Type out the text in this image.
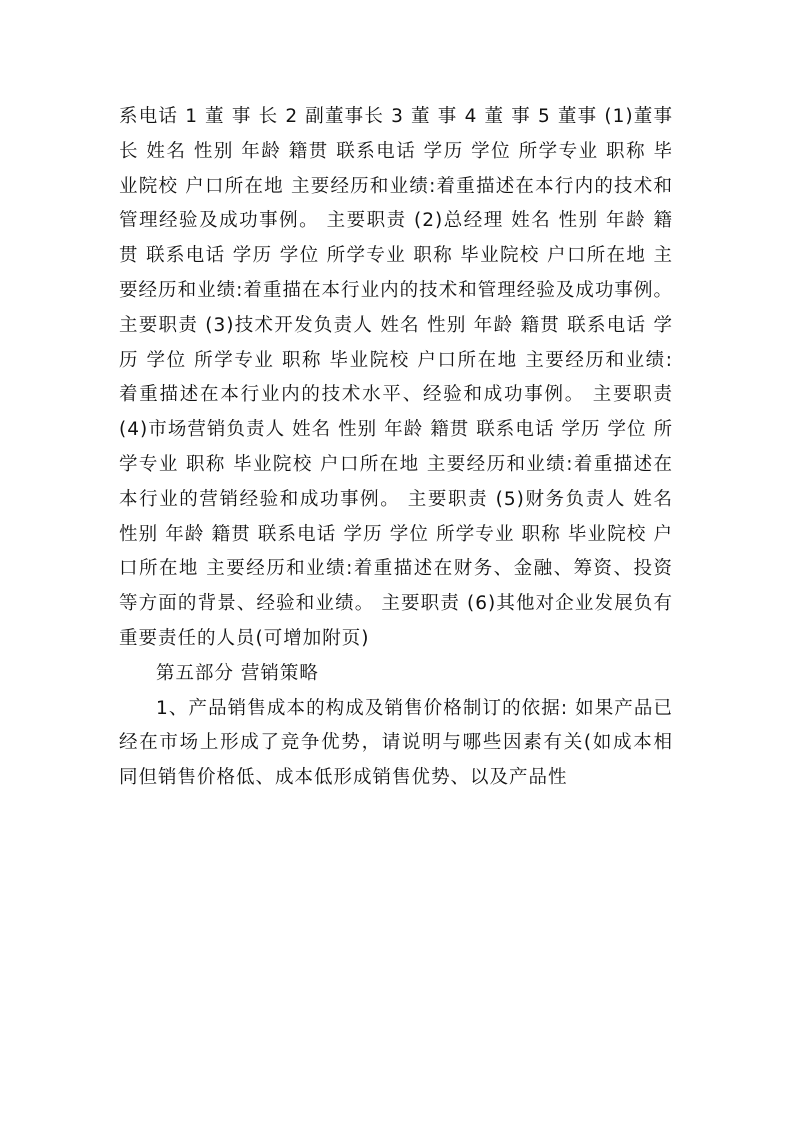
系电话 1 董 事 长 2 副董事长 3 董 事 4 董 事 5 董事 (1)董事长 姓名 性别 年龄 籍贯 联系电话 学历 学位 所学专业 职称 毕业院校 户口所在地 主要经历和业绩:着重描述在本行内的技术和管理经验及成功事例。 主要职责 (2)总经理 姓名 性别 年龄 籍贯 联系电话 学历 学位 所学专业 职称 毕业院校 户口所在地 主要经历和业绩:着重描在本行业内的技术和管理经验及成功事例。 主要职责 (3)技术开发负责人 姓名 性别 年龄 籍贯 联系电话 学历 学位 所学专业 职称 毕业院校 户口所在地 主要经历和业绩:着重描述在本行业内的技术水平、经验和成功事例。 主要职责 (4)市场营销负责人 姓名 性别 年龄 籍贯 联系电话 学历 学位 所学专业 职称 毕业院校 户口所在地 主要经历和业绩:着重描述在本行业的营销经验和成功事例。 主要职责 (5)财务负责人 姓名 性别 年龄 籍贯 联系电话 学历 学位 所学专业 职称 毕业院校 户口所在地 主要经历和业绩:着重描述在财务、金融、筹资、投资等方面的背景、经验和业绩。 主要职责 (6)其他对企业发展负有重要责任的人员(可增加附页)

第五部分 营销策略

1、产品销售成本的构成及销售价格制订的依据: 如果产品已经在市场上形成了竞争优势，请说明与哪些因素有关(如成本相同但销售价格低、成本低形成销售优势、以及产品性
